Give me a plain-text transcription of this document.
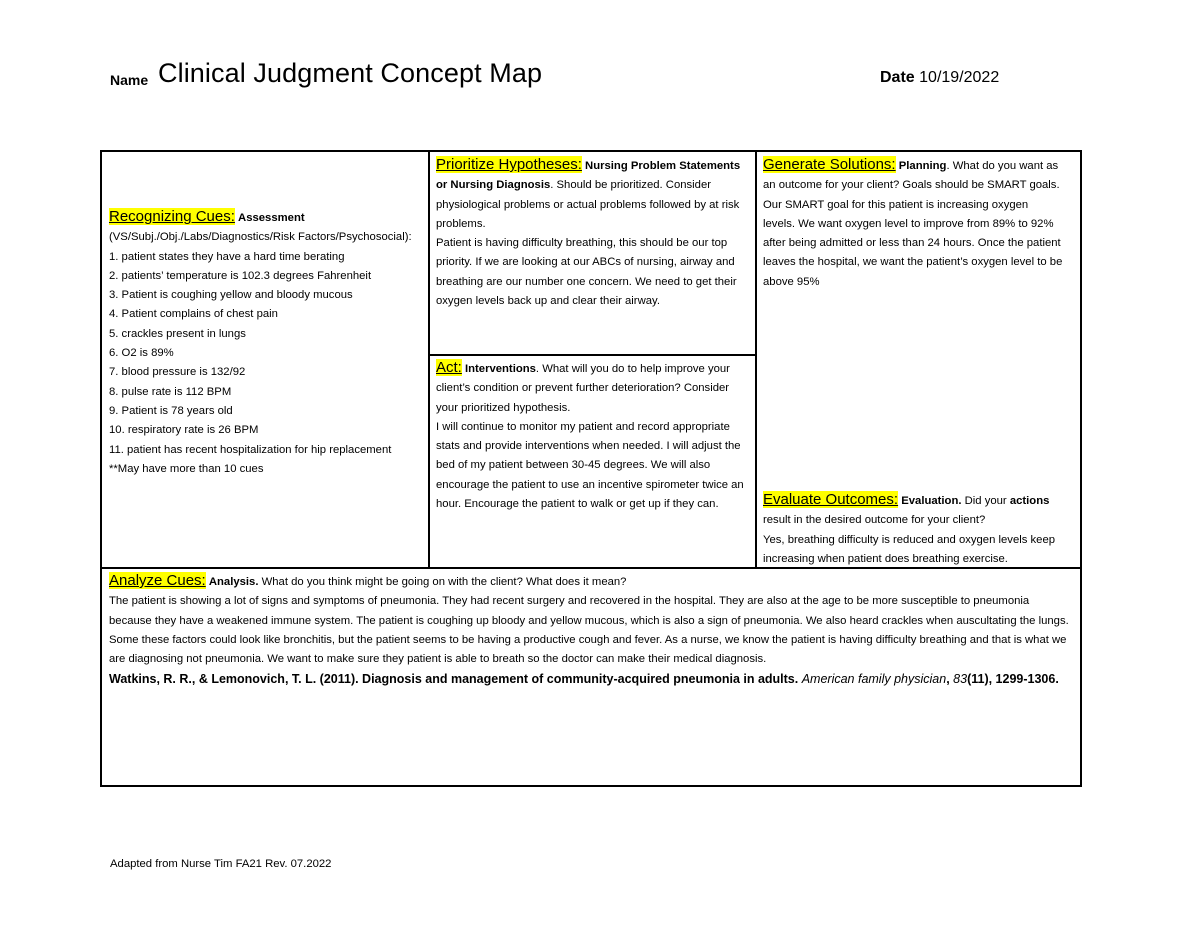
Name Clinical Judgment Concept Map	Date 10/19/2022
Recognizing Cues: Assessment
(VS/Subj./Obj./Labs/Diagnostics/Risk Factors/Psychosocial):
1. patient states they have a hard time berating
2. patients’ temperature is 102.3 degrees Fahrenheit
3. Patient is coughing yellow and bloody mucous
4. Patient complains of chest pain
5. crackles present in lungs
6. O2 is 89%
7. blood pressure is 132/92
8. pulse rate is 112 BPM
9. Patient is 78 years old
10. respiratory rate is 26 BPM
11. patient has recent hospitalization for hip replacement
**May have more than 10 cues
Prioritize Hypotheses: Nursing Problem Statements or Nursing Diagnosis. Should be prioritized. Consider physiological problems or actual problems followed by at risk problems.
Patient is having difficulty breathing, this should be our top priority. If we are looking at our ABCs of nursing, airway and breathing are our number one concern. We need to get their oxygen levels back up and clear their airway.
Act: Interventions. What will you do to help improve your client’s condition or prevent further deterioration? Consider your prioritized hypothesis.
I will continue to monitor my patient and record appropriate stats and provide interventions when needed. I will adjust the bed of my patient between 30-45 degrees. We will also encourage the patient to use an incentive spirometer twice an hour. Encourage the patient to walk or get up if they can.
Generate Solutions: Planning. What do you want as an outcome for your client? Goals should be SMART goals.
Our SMART goal for this patient is increasing oxygen levels. We want oxygen level to improve from 89% to 92% after being admitted or less than 24 hours. Once the patient leaves the hospital, we want the patient’s oxygen level to be above 95%
Evaluate Outcomes: Evaluation. Did your actions result in the desired outcome for your client?
Yes, breathing difficulty is reduced and oxygen levels keep increasing when patient does breathing exercise.
Analyze Cues: Analysis. What do you think might be going on with the client? What does it mean?
The patient is showing a lot of signs and symptoms of pneumonia. They had recent surgery and recovered in the hospital. They are also at the age to be more susceptible to pneumonia because they have a weakened immune system. The patient is coughing up bloody and yellow mucous, which is also a sign of pneumonia. We also heard crackles when auscultating the lungs. Some these factors could look like bronchitis, but the patient seems to be having a productive cough and fever. As a nurse, we know the patient is having difficulty breathing and that is what we are diagnosing not pneumonia. We want to make sure they patient is able to breath so the doctor can make their medical diagnosis.
Watkins, R. R., & Lemonovich, T. L. (2011). Diagnosis and management of community-acquired pneumonia in adults. American family physician, 83(11), 1299-1306.
Adapted from Nurse Tim FA21 Rev. 07.2022
